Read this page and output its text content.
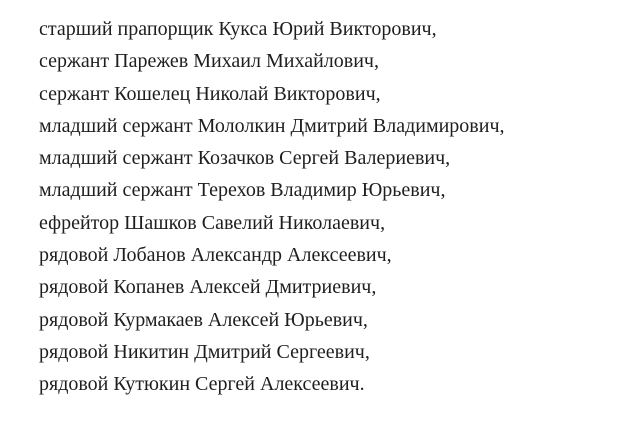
старший прапорщик Кукса Юрий Викторович,
сержант Парежев Михаил Михайлович,
сержант Кошелец Николай Викторович,
младший сержант Мололкин Дмитрий Владимирович,
младший сержант Козачков Сергей Валериевич,
младший сержант Терехов Владимир Юрьевич,
ефрейтор Шашков Савелий Николаевич,
рядовой Лобанов Александр Алексеевич,
рядовой Копанев Алексей Дмитриевич,
рядовой Курмакаев Алексей Юрьевич,
рядовой Никитин Дмитрий Сергеевич,
рядовой Кутюкин Сергей Алексеевич.
